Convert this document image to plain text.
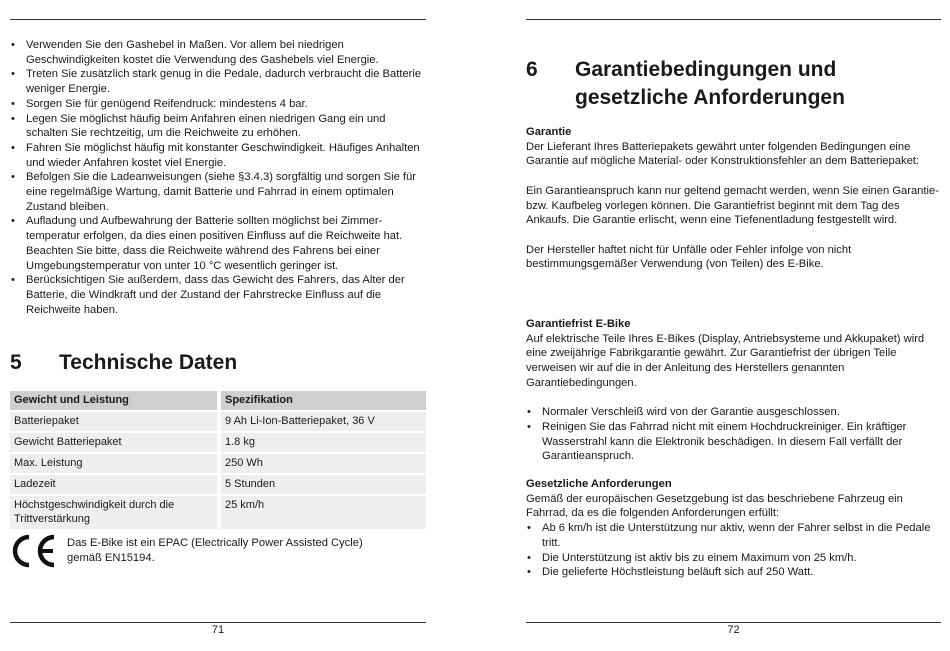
• Verwenden Sie den Gashebel in Maßen. Vor allem bei niedrigen Geschwindigkeiten kostet die Verwendung des Gashebels viel Energie.
• Treten Sie zusätzlich stark genug in die Pedale, dadurch verbraucht die Batterie weniger Energie.
• Sorgen Sie für genügend Reifendruck: mindestens 4 bar.
• Legen Sie möglichst häufig beim Anfahren einen niedrigen Gang ein und schalten Sie rechtzeitig, um die Reichweite zu erhöhen.
• Fahren Sie möglichst häufig mit konstanter Geschwindigkeit. Häufiges Anhalten und wieder Anfahren kostet viel Energie.
• Befolgen Sie die Ladeanweisungen (siehe §3.4.3) sorgfältig und sorgen Sie für eine regelmäßige Wartung, damit Batterie und Fahrrad in einem optimalen Zustand bleiben.
• Aufladung und Aufbewahrung der Batterie sollten möglichst bei Zimmer-temperatur erfolgen, da dies einen positiven Einfluss auf die Reichweite hat. Beachten Sie bitte, dass die Reichweite während des Fahrens bei einer Umgebungstemperatur von unter 10 °C wesentlich geringer ist.
• Berücksichtigen Sie außerdem, dass das Gewicht des Fahrers, das Alter der Batterie, die Windkraft und der Zustand der Fahrstrecke Einfluss auf die Reichweite haben.
5 Technische Daten
Gewicht und Leistung	Spezifikation
Batteriepaket	9 Ah Li-Ion-Batteriepaket, 36 V
Gewicht Batteriepaket	1.8 kg
Max. Leistung	250 Wh
Ladezeit	5 Stunden
Höchstgeschwindigkeit durch die Trittverstärkung	25 km/h
Das E-Bike ist ein EPAC (Electrically Power Assisted Cycle) gemäß EN15194.
71
6 Garantiebedingungen und gesetzliche Anforderungen
Garantie

Der Lieferant Ihres Batteriepakets gewährt unter folgenden Bedingungen eine Garantie auf mögliche Material- oder Konstruktionsfehler an dem Batteriepaket:

Ein Garantieanspruch kann nur geltend gemacht werden, wenn Sie einen Garantie- bzw. Kaufbeleg vorlegen können. Die Garantiefrist beginnt mit dem Tag des Ankaufs. Die Garantie erlischt, wenn eine Tiefenentladung festgestellt wird.

Der Hersteller haftet nicht für Unfälle oder Fehler infolge von nicht bestimmungsgemäßer Verwendung (von Teilen) des E-Bike.

Garantiefrist E-Bike

Auf elektrische Teile Ihres E-Bikes (Display, Antriebsysteme und Akkupaket) wird eine zweijährige Fabrikgarantie gewährt. Zur Garantiefrist der übrigen Teile verweisen wir auf die in der Anleitung des Herstellers genannten Garantiebedingungen.

• Normaler Verschleiß wird von der Garantie ausgeschlossen.
• Reinigen Sie das Fahrrad nicht mit einem Hochdruckreiniger. Ein kräftiger Wasserstrahl kann die Elektronik beschädigen. In diesem Fall verfällt der Garantieanspruch.
Gesetzliche Anforderungen

Gemäß der europäischen Gesetzgebung ist das beschriebene Fahrzeug ein Fahrrad, da es die folgenden Anforderungen erfüllt:

• Ab 6 km/h ist die Unterstützung nur aktiv, wenn der Fahrer selbst in die Pedale tritt.
• Die Unterstützung ist aktiv bis zu einem Maximum von 25 km/h.
• Die gelieferte Höchstleistung beläuft sich auf 250 Watt.
72
